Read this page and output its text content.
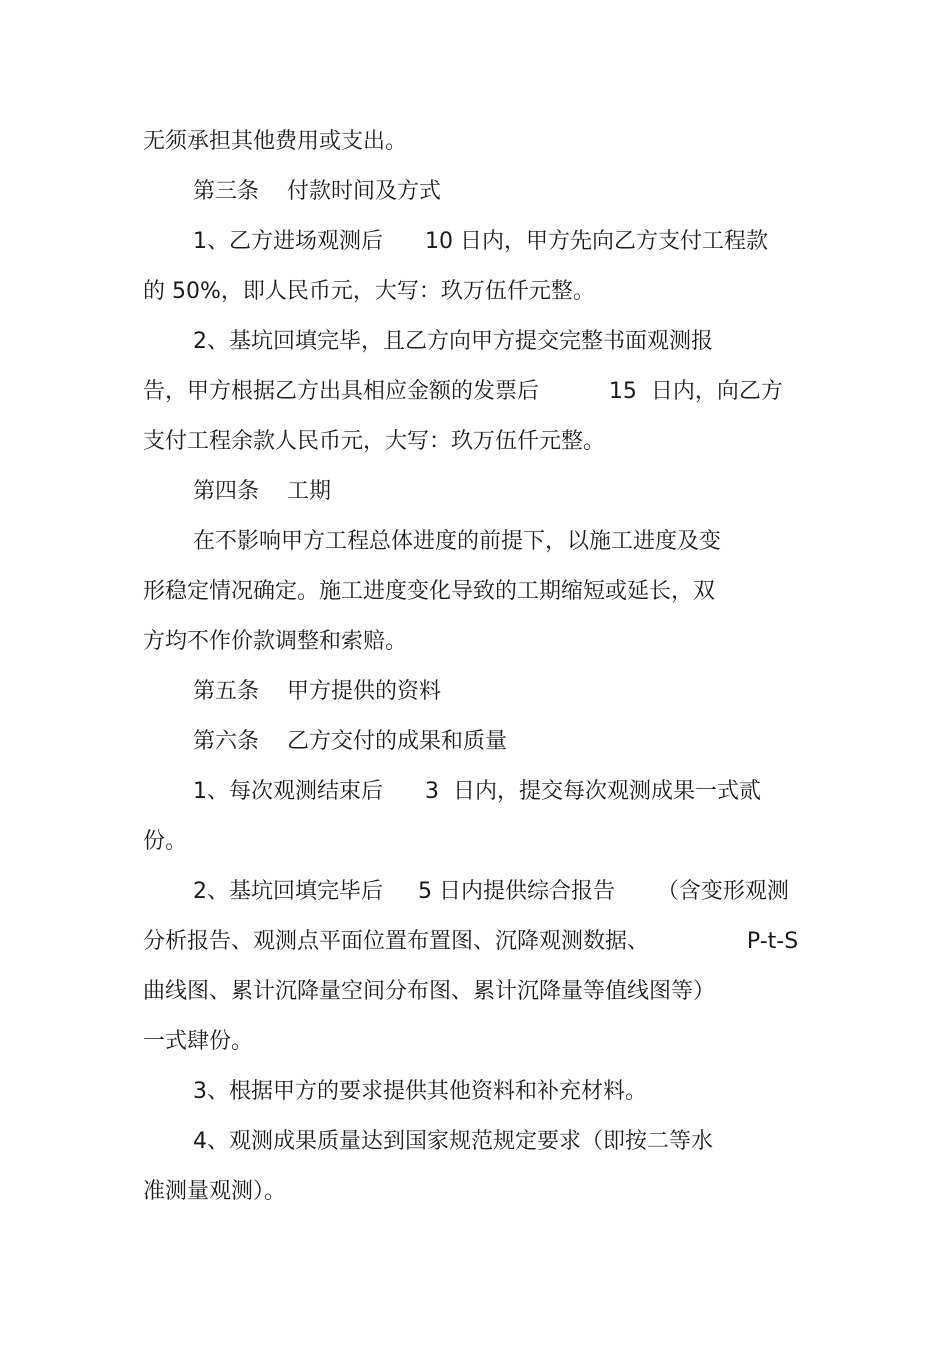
无须承担其他费用或支出。
第三条    付款时间及方式
1、乙方进场观测后      10 日内，甲方先向乙方支付工程款
的 50%，即人民币元，大写：玖万伍仟元整。
2、基坑回填完毕，且乙方向甲方提交完整书面观测报
告，甲方根据乙方出具相应金额的发票后          15  日内，向乙方
支付工程余款人民币元，大写：玖万伍仟元整。
第四条    工期
在不影响甲方工程总体进度的前提下，以施工进度及变
形稳定情况确定。施工进度变化导致的工期缩短或延长，双
方均不作价款调整和索赔。
第五条    甲方提供的资料
第六条    乙方交付的成果和质量
1、每次观测结束后      3  日内，提交每次观测成果一式贰
份。
2、基坑回填完毕后     5 日内提供综合报告      （含变形观测
分析报告、观测点平面位置布置图、沉降观测数据、              P-t-S
曲线图、累计沉降量空间分布图、累计沉降量等值线图等）
一式肆份。
3、根据甲方的要求提供其他资料和补充材料。
4、观测成果质量达到国家规范规定要求（即按二等水
准测量观测）。
